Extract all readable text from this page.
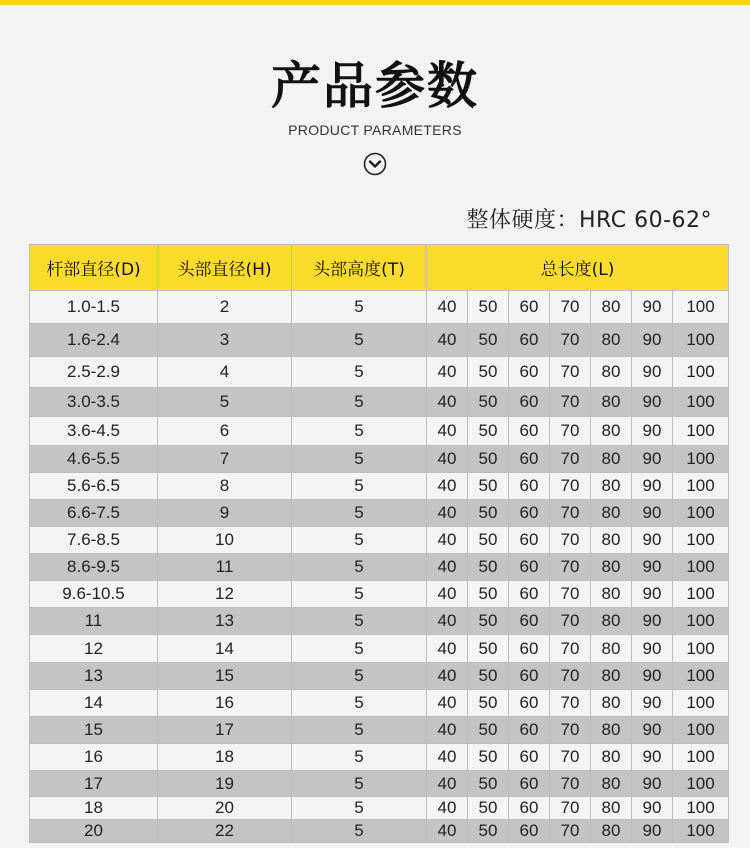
产品参数
PRODUCT PARAMETERS
整体硬度：HRC 60-62°
杆部直径(D)	头部直径(H)	头部高度(T)	总长度(L)						
1.0-1.5	2	5	40	50	60	70	80	90	100
1.6-2.4	3	5	40	50	60	70	80	90	100
2.5-2.9	4	5	40	50	60	70	80	90	100
3.0-3.5	5	5	40	50	60	70	80	90	100
3.6-4.5	6	5	40	50	60	70	80	90	100
4.6-5.5	7	5	40	50	60	70	80	90	100
5.6-6.5	8	5	40	50	60	70	80	90	100
6.6-7.5	9	5	40	50	60	70	80	90	100
7.6-8.5	10	5	40	50	60	70	80	90	100
8.6-9.5	11	5	40	50	60	70	80	90	100
9.6-10.5	12	5	40	50	60	70	80	90	100
11	13	5	40	50	60	70	80	90	100
12	14	5	40	50	60	70	80	90	100
13	15	5	40	50	60	70	80	90	100
14	16	5	40	50	60	70	80	90	100
15	17	5	40	50	60	70	80	90	100
16	18	5	40	50	60	70	80	90	100
17	19	5	40	50	60	70	80	90	100
18	20	5	40	50	60	70	80	90	100
20	22	5	40	50	60	70	80	90	100
